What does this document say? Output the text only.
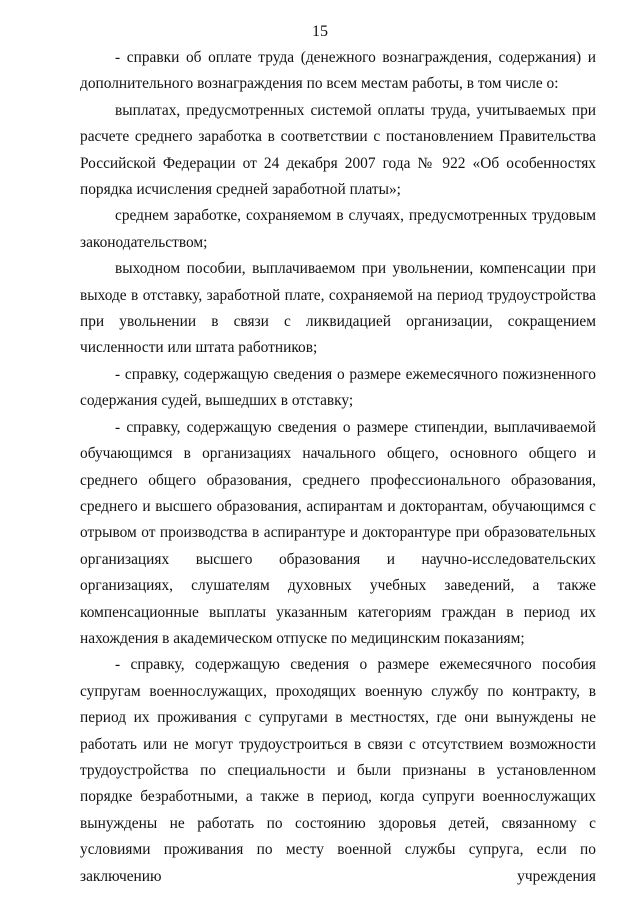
15

- справки об оплате труда (денежного вознаграждения, содержания) и дополнительного вознаграждения по всем местам работы, в том числе о:

выплатах, предусмотренных системой оплаты труда, учитываемых при расчете среднего заработка в соответствии с постановлением Правительства Российской Федерации от 24 декабря 2007 года № 922 «Об особенностях порядка исчисления средней заработной платы»;

среднем заработке, сохраняемом в случаях, предусмотренных трудовым законодательством;

выходном пособии, выплачиваемом при увольнении, компенсации при выходе в отставку, заработной плате, сохраняемой на период трудоустройства при увольнении в связи с ликвидацией организации, сокращением численности или штата работников;

- справку, содержащую сведения о размере ежемесячного пожизненного содержания судей, вышедших в отставку;

- справку, содержащую сведения о размере стипендии, выплачиваемой обучающимся в организациях начального общего, основного общего и среднего общего образования, среднего профессионального образования, среднего и высшего образования, аспирантам и докторантам, обучающимся с отрывом от производства в аспирантуре и докторантуре при образовательных организациях высшего образования и научно-исследовательских организациях, слушателям духовных учебных заведений, а также компенсационные выплаты указанным категориям граждан в период их нахождения в академическом отпуске по медицинским показаниям;

- справку, содержащую сведения о размере ежемесячного пособия супругам военнослужащих, проходящих военную службу по контракту, в период их проживания с супругами в местностях, где они вынуждены не работать или не могут трудоустроиться в связи с отсутствием возможности трудоустройства по специальности и были признаны в установленном порядке безработными, а также в период, когда супруги военнослужащих вынуждены не работать по состоянию здоровья детей, связанному с условиями проживания по месту военной службы супруга, если по заключению учреждения
